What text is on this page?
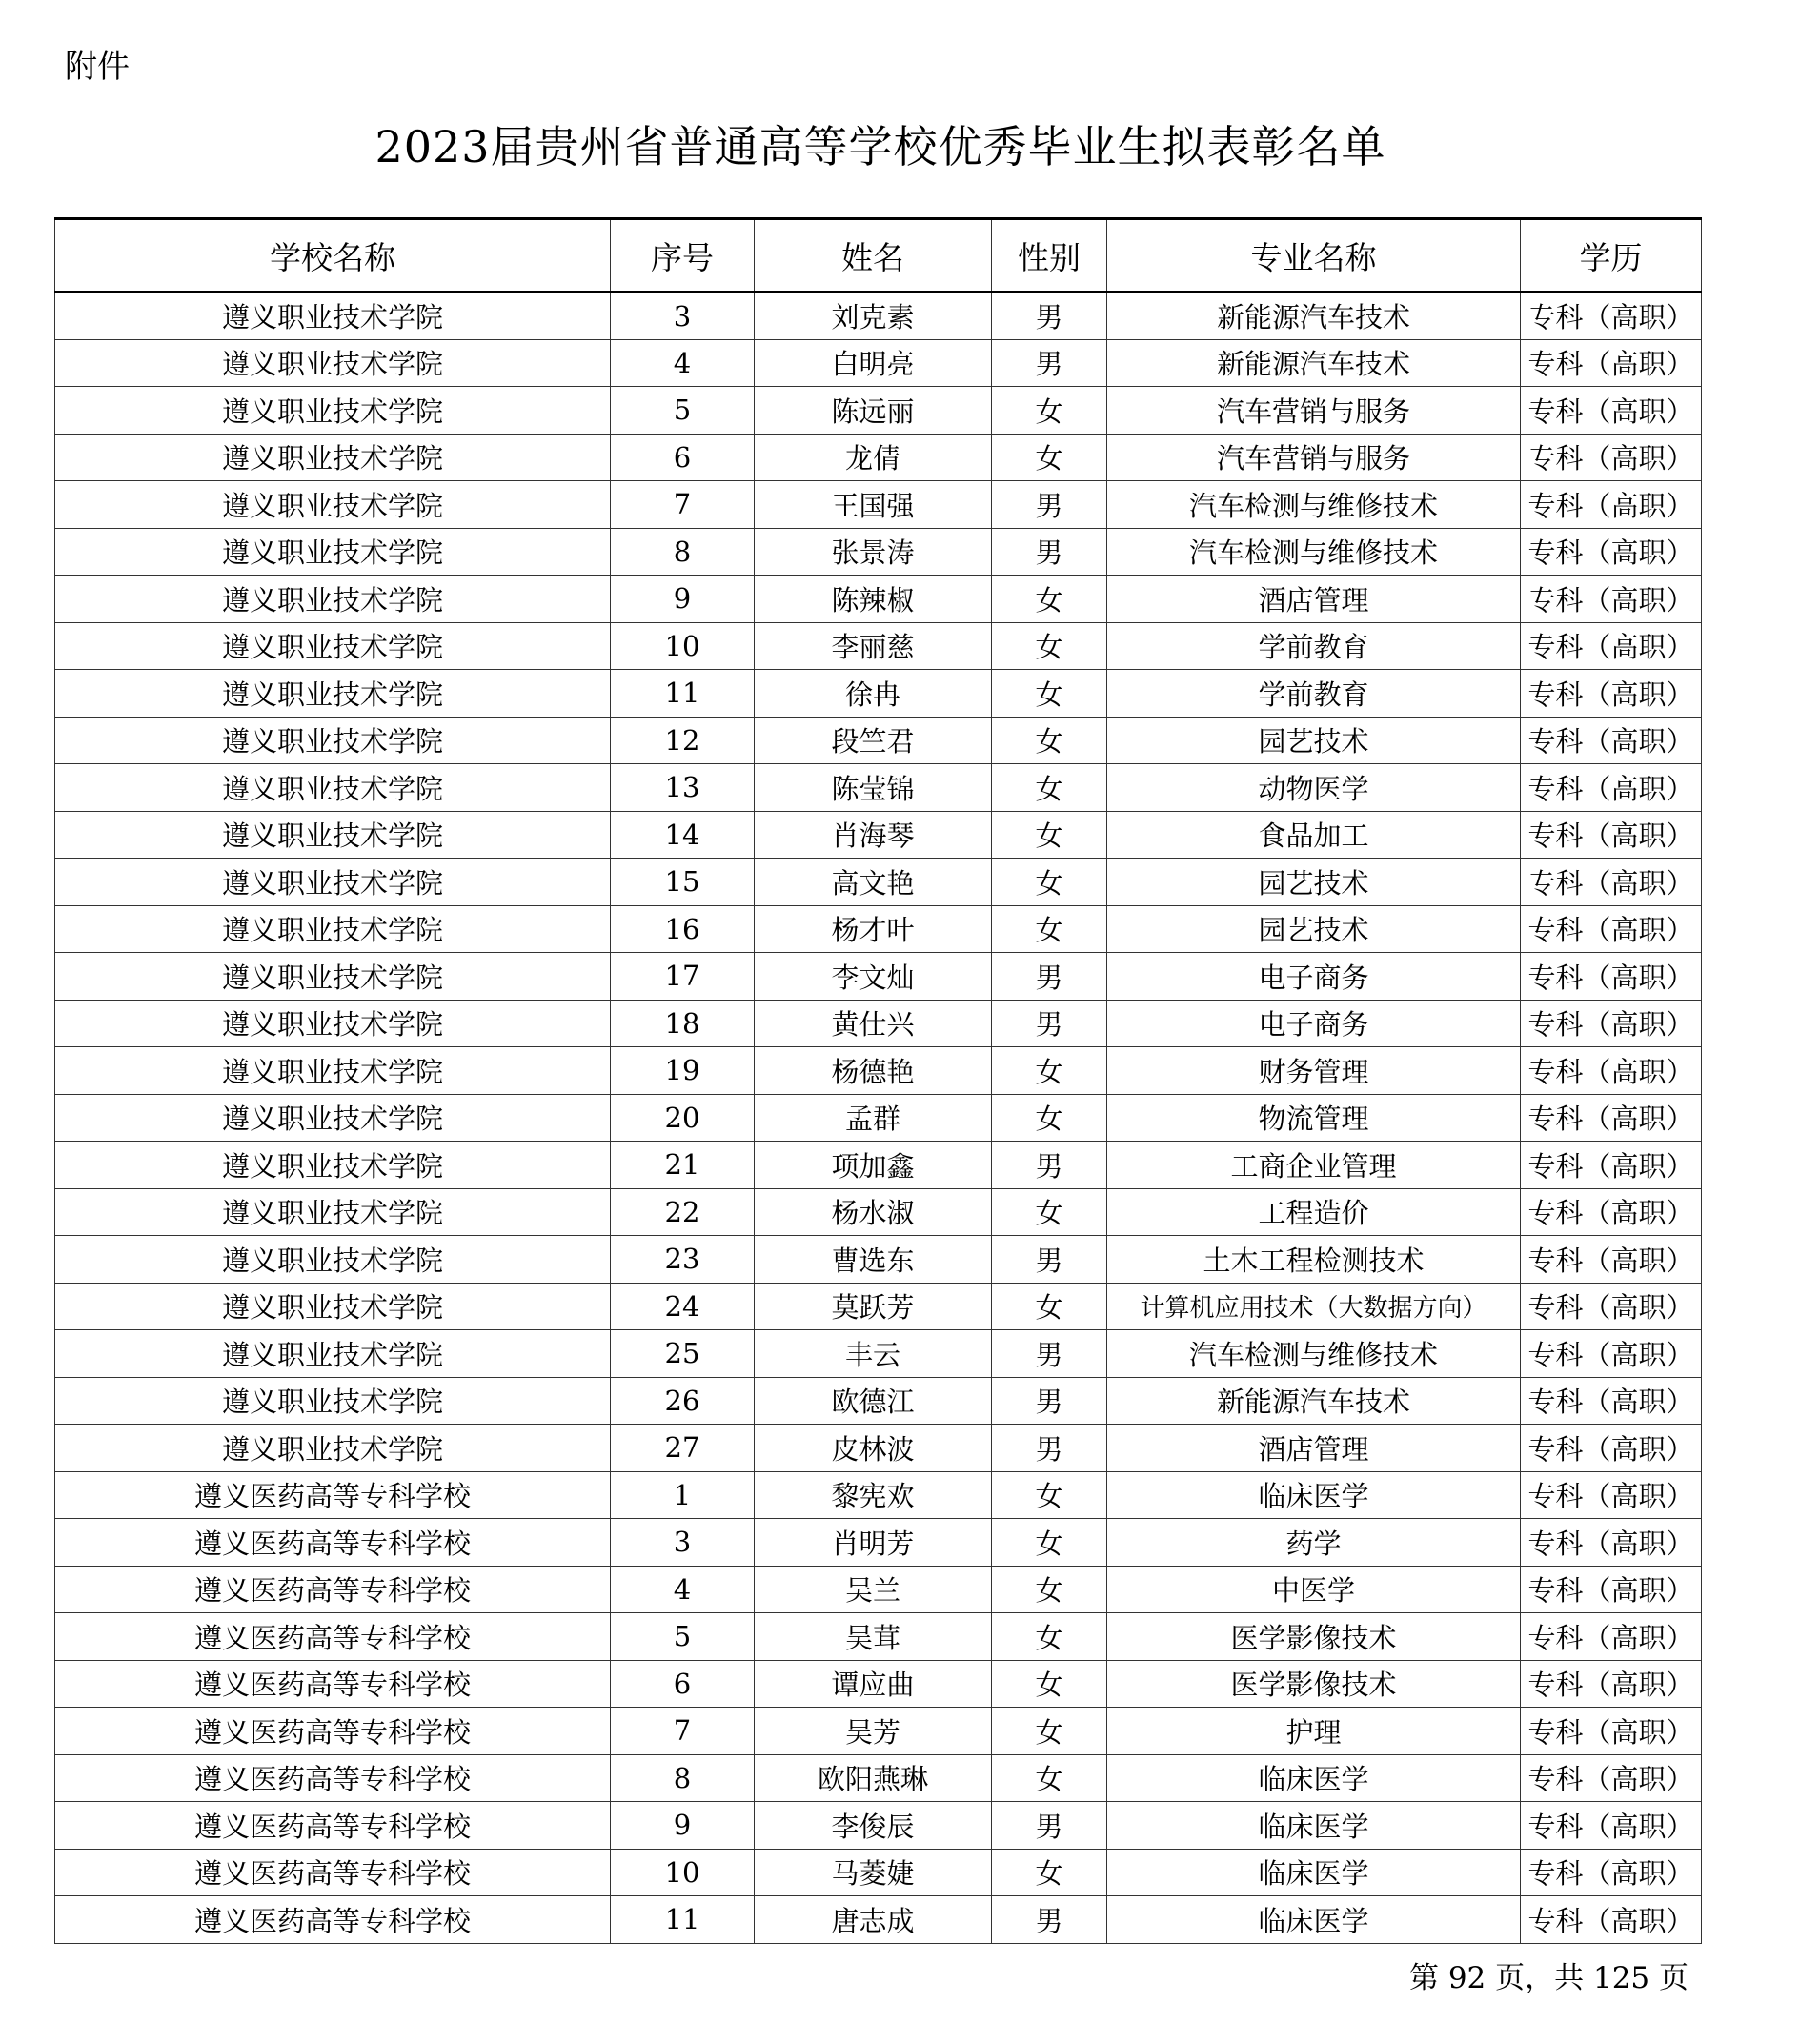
附件
2023届贵州省普通高等学校优秀毕业生拟表彰名单
学校名称	序号	姓名	性别	专业名称	学历
遵义职业技术学院	3	刘克素	男	新能源汽车技术	专科（高职）
遵义职业技术学院	4	白明亮	男	新能源汽车技术	专科（高职）
遵义职业技术学院	5	陈远丽	女	汽车营销与服务	专科（高职）
遵义职业技术学院	6	龙倩	女	汽车营销与服务	专科（高职）
遵义职业技术学院	7	王国强	男	汽车检测与维修技术	专科（高职）
遵义职业技术学院	8	张景涛	男	汽车检测与维修技术	专科（高职）
遵义职业技术学院	9	陈辣椒	女	酒店管理	专科（高职）
遵义职业技术学院	10	李丽慈	女	学前教育	专科（高职）
遵义职业技术学院	11	徐冉	女	学前教育	专科（高职）
遵义职业技术学院	12	段竺君	女	园艺技术	专科（高职）
遵义职业技术学院	13	陈莹锦	女	动物医学	专科（高职）
遵义职业技术学院	14	肖海琴	女	食品加工	专科（高职）
遵义职业技术学院	15	高文艳	女	园艺技术	专科（高职）
遵义职业技术学院	16	杨才叶	女	园艺技术	专科（高职）
遵义职业技术学院	17	李文灿	男	电子商务	专科（高职）
遵义职业技术学院	18	黄仕兴	男	电子商务	专科（高职）
遵义职业技术学院	19	杨德艳	女	财务管理	专科（高职）
遵义职业技术学院	20	孟群	女	物流管理	专科（高职）
遵义职业技术学院	21	项加鑫	男	工商企业管理	专科（高职）
遵义职业技术学院	22	杨水淑	女	工程造价	专科（高职）
遵义职业技术学院	23	曹选东	男	土木工程检测技术	专科（高职）
遵义职业技术学院	24	莫跃芳	女	计算机应用技术（大数据方向）	专科（高职）
遵义职业技术学院	25	丰云	男	汽车检测与维修技术	专科（高职）
遵义职业技术学院	26	欧德江	男	新能源汽车技术	专科（高职）
遵义职业技术学院	27	皮林波	男	酒店管理	专科（高职）
遵义医药高等专科学校	1	黎宪欢	女	临床医学	专科（高职）
遵义医药高等专科学校	3	肖明芳	女	药学	专科（高职）
遵义医药高等专科学校	4	吴兰	女	中医学	专科（高职）
遵义医药高等专科学校	5	吴茸	女	医学影像技术	专科（高职）
遵义医药高等专科学校	6	谭应曲	女	医学影像技术	专科（高职）
遵义医药高等专科学校	7	吴芳	女	护理	专科（高职）
遵义医药高等专科学校	8	欧阳燕琳	女	临床医学	专科（高职）
遵义医药高等专科学校	9	李俊辰	男	临床医学	专科（高职）
遵义医药高等专科学校	10	马菱婕	女	临床医学	专科（高职）
遵义医药高等专科学校	11	唐志成	男	临床医学	专科（高职）
第 92 页，共 125 页
